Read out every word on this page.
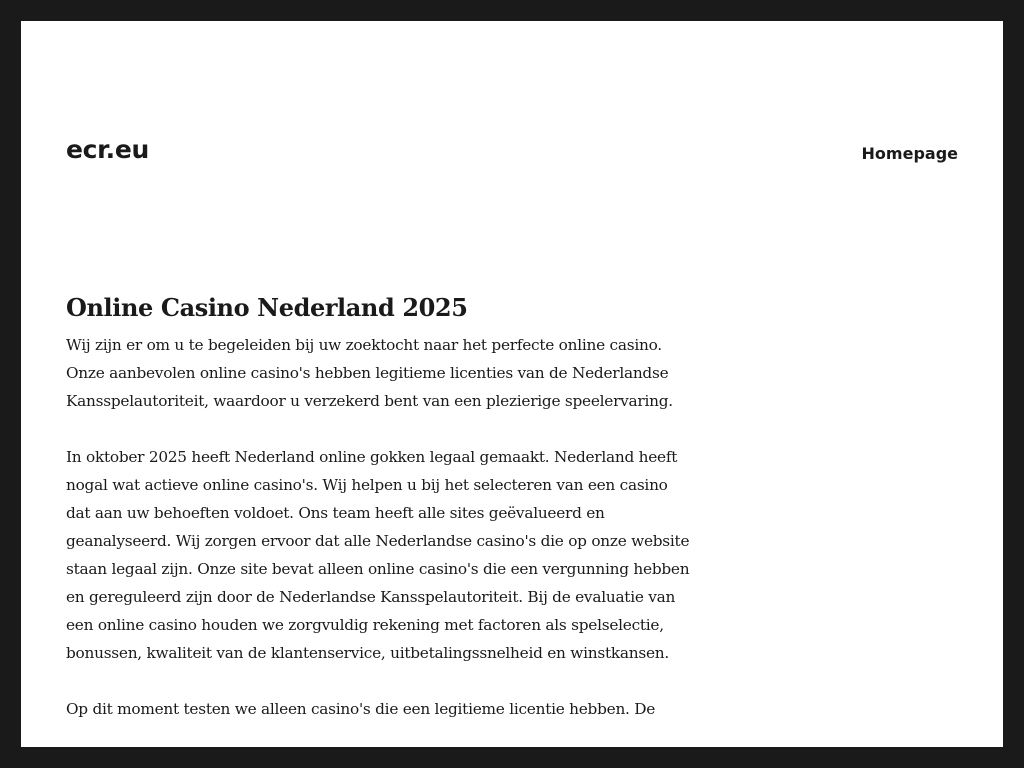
ecr.eu	Homepage
Online Casino Nederland 2025

Wij zijn er om u te begeleiden bij uw zoektocht naar het perfecte online casino. Onze aanbevolen online casino's hebben legitieme licenties van de Nederlandse Kansspelautoriteit, waardoor u verzekerd bent van een plezierige speelervaring.

In oktober 2025 heeft Nederland online gokken legaal gemaakt. Nederland heeft nogal wat actieve online casino's. Wij helpen u bij het selecteren van een casino dat aan uw behoeften voldoet. Ons team heeft alle sites geëvalueerd en geanalyseerd. Wij zorgen ervoor dat alle Nederlandse casino's die op onze website staan legaal zijn. Onze site bevat alleen online casino's die een vergunning hebben en gereguleerd zijn door de Nederlandse Kansspelautoriteit. Bij de evaluatie van een online casino houden we zorgvuldig rekening met factoren als spelselectie, bonussen, kwaliteit van de klantenservice, uitbetalingssnelheid en winstkansen.

Op dit moment testen we alleen casino's die een legitieme licentie hebben. De
